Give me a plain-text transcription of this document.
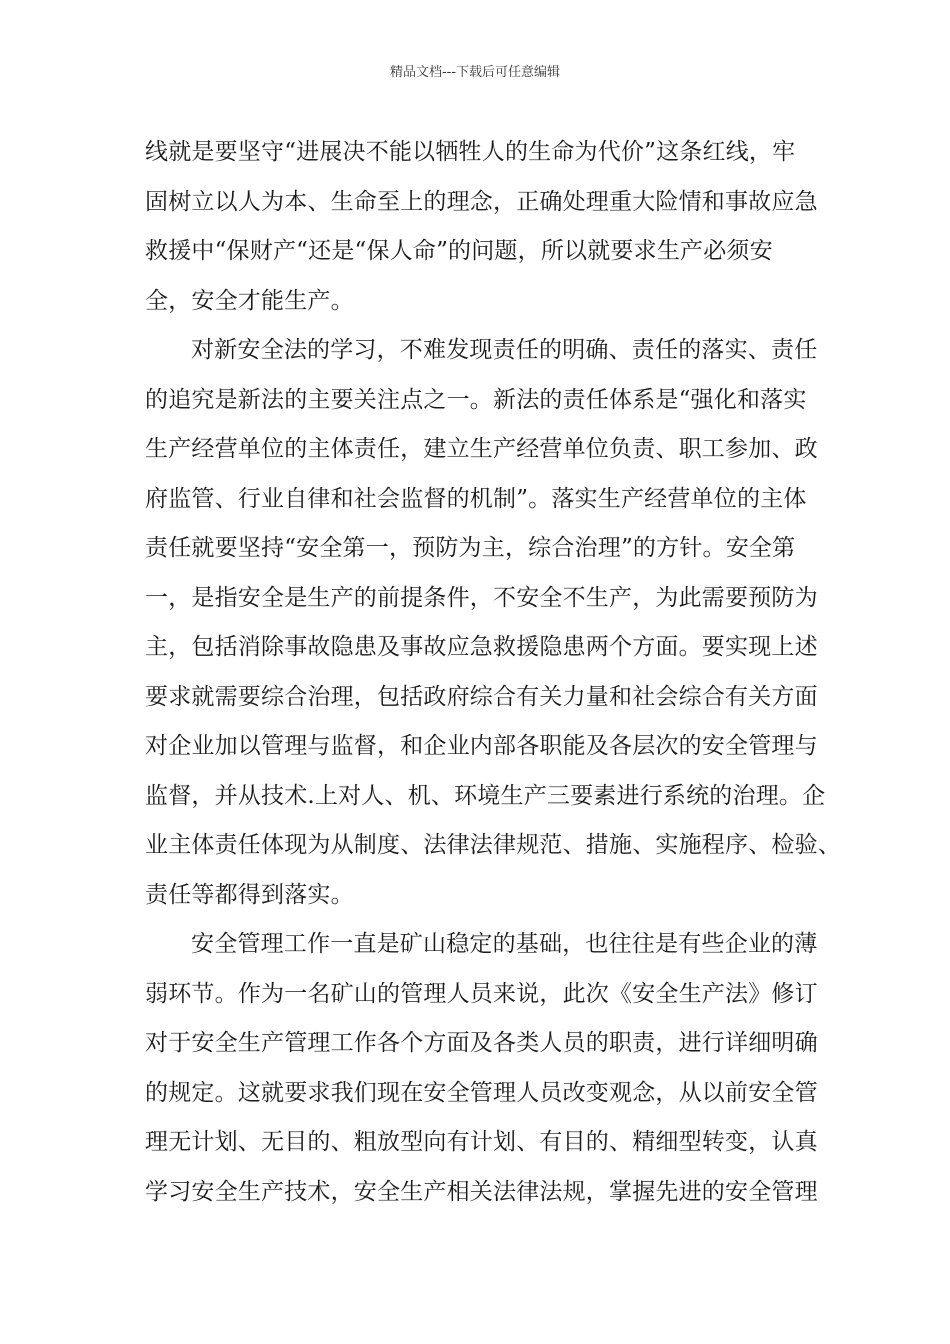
精品文档---下载后可任意编辑
线就是要坚守“进展决不能以牺牲人的生命为代价”这条红线，牢
固树立以人为本、生命至上的理念，正确处理重大险情和事故应急
救援中“保财产“还是“保人命”的问题，所以就要求生产必须安
全，安全才能生产。
对新安全法的学习，不难发现责任的明确、责任的落实、责任
的追究是新法的主要关注点之一。新法的责任体系是“强化和落实
生产经营单位的主体责任，建立生产经营单位负责、职工参加、政
府监管、行业自律和社会监督的机制”。落实生产经营单位的主体
责任就要坚持“安全第一，预防为主，综合治理”的方针。安全第
一，是指安全是生产的前提条件，不安全不生产，为此需要预防为
主，包括消除事故隐患及事故应急救援隐患两个方面。要实现上述
要求就需要综合治理，包括政府综合有关力量和社会综合有关方面
对企业加以管理与监督，和企业内部各职能及各层次的安全管理与
监督，并从技术.上对人、机、环境生产三要素进行系统的治理。企
业主体责任体现为从制度、法律法律规范、措施、实施程序、检验、
责任等都得到落实。
安全管理工作一直是矿山稳定的基础，也往往是有些企业的薄
弱环节。作为一名矿山的管理人员来说，此次《安全生产法》修订
对于安全生产管理工作各个方面及各类人员的职责，进行详细明确
的规定。这就要求我们现在安全管理人员改变观念，从以前安全管
理无计划、无目的、粗放型向有计划、有目的、精细型转变，认真
学习安全生产技术，安全生产相关法律法规，掌握先进的安全管理
